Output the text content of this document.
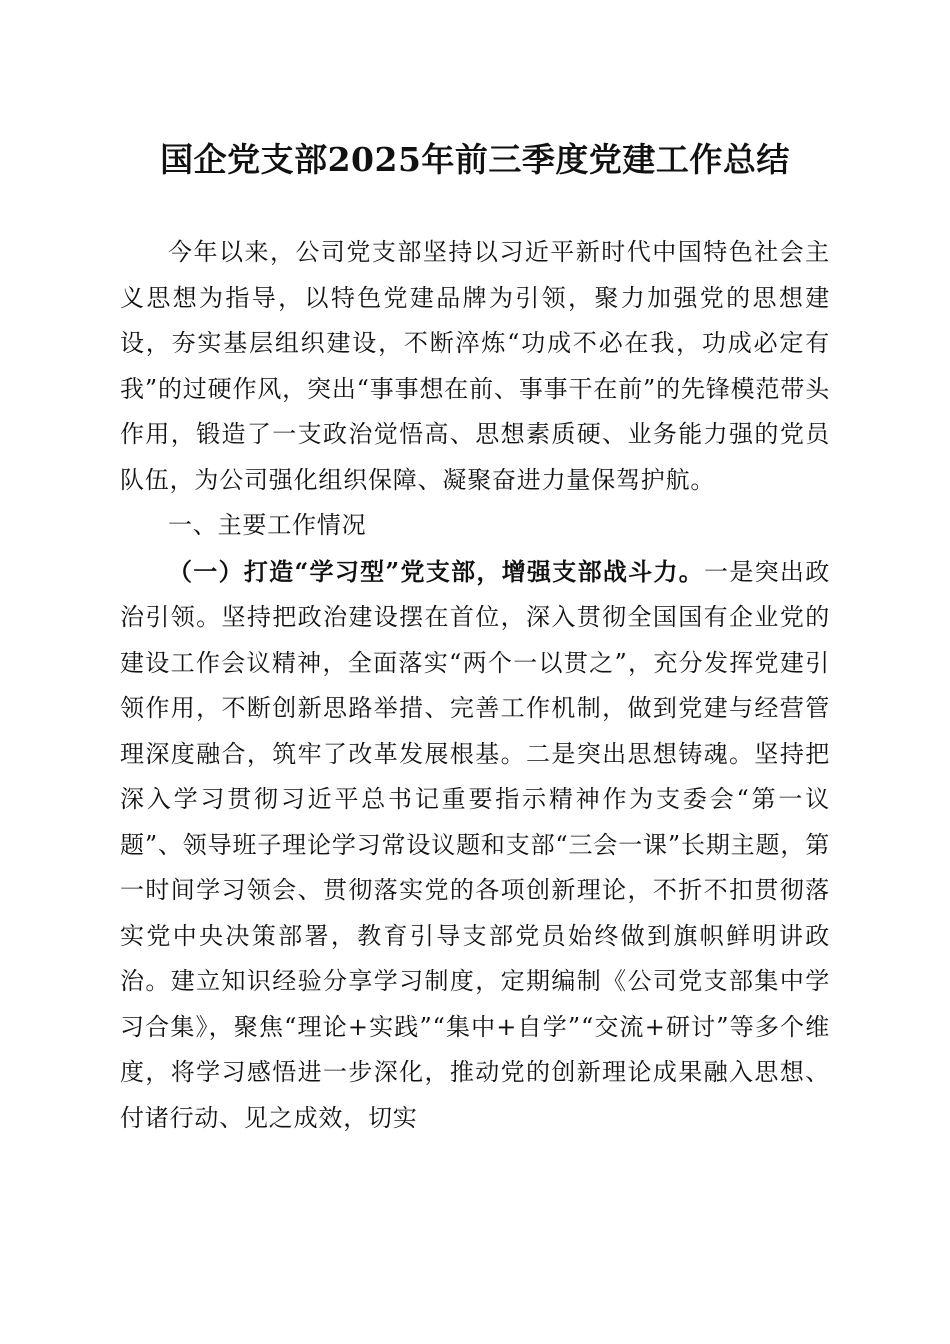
国企党支部2025年前三季度党建工作总结

今年以来，公司党支部坚持以习近平新时代中国特色社会主义思想为指导，以特色党建品牌为引领，聚力加强党的思想建设，夯实基层组织建设，不断淬炼“功成不必在我，功成必定有我”的过硬作风，突出“事事想在前、事事干在前”的先锋模范带头作用，锻造了一支政治觉悟高、思想素质硬、业务能力强的党员队伍，为公司强化组织保障、凝聚奋进力量保驾护航。

一、主要工作情况

（一）打造“学习型”党支部，增强支部战斗力。一是突出政治引领。坚持把政治建设摆在首位，深入贯彻全国国有企业党的建设工作会议精神，全面落实“两个一以贯之”，充分发挥党建引领作用，不断创新思路举措、完善工作机制，做到党建与经营管理深度融合，筑牢了改革发展根基。二是突出思想铸魂。坚持把深入学习贯彻习近平总书记重要指示精神作为支委会“第一议题”、领导班子理论学习常设议题和支部“三会一课”长期主题，第一时间学习领会、贯彻落实党的各项创新理论，不折不扣贯彻落实党中央决策部署，教育引导支部党员始终做到旗帜鲜明讲政治。建立知识经验分享学习制度，定期编制《公司党支部集中学习合集》，聚焦“理论+实践”“集中+自学”“交流+研讨”等多个维度，将学习感悟进一步深化，推动党的创新理论成果融入思想、付诸行动、见之成效，切实
